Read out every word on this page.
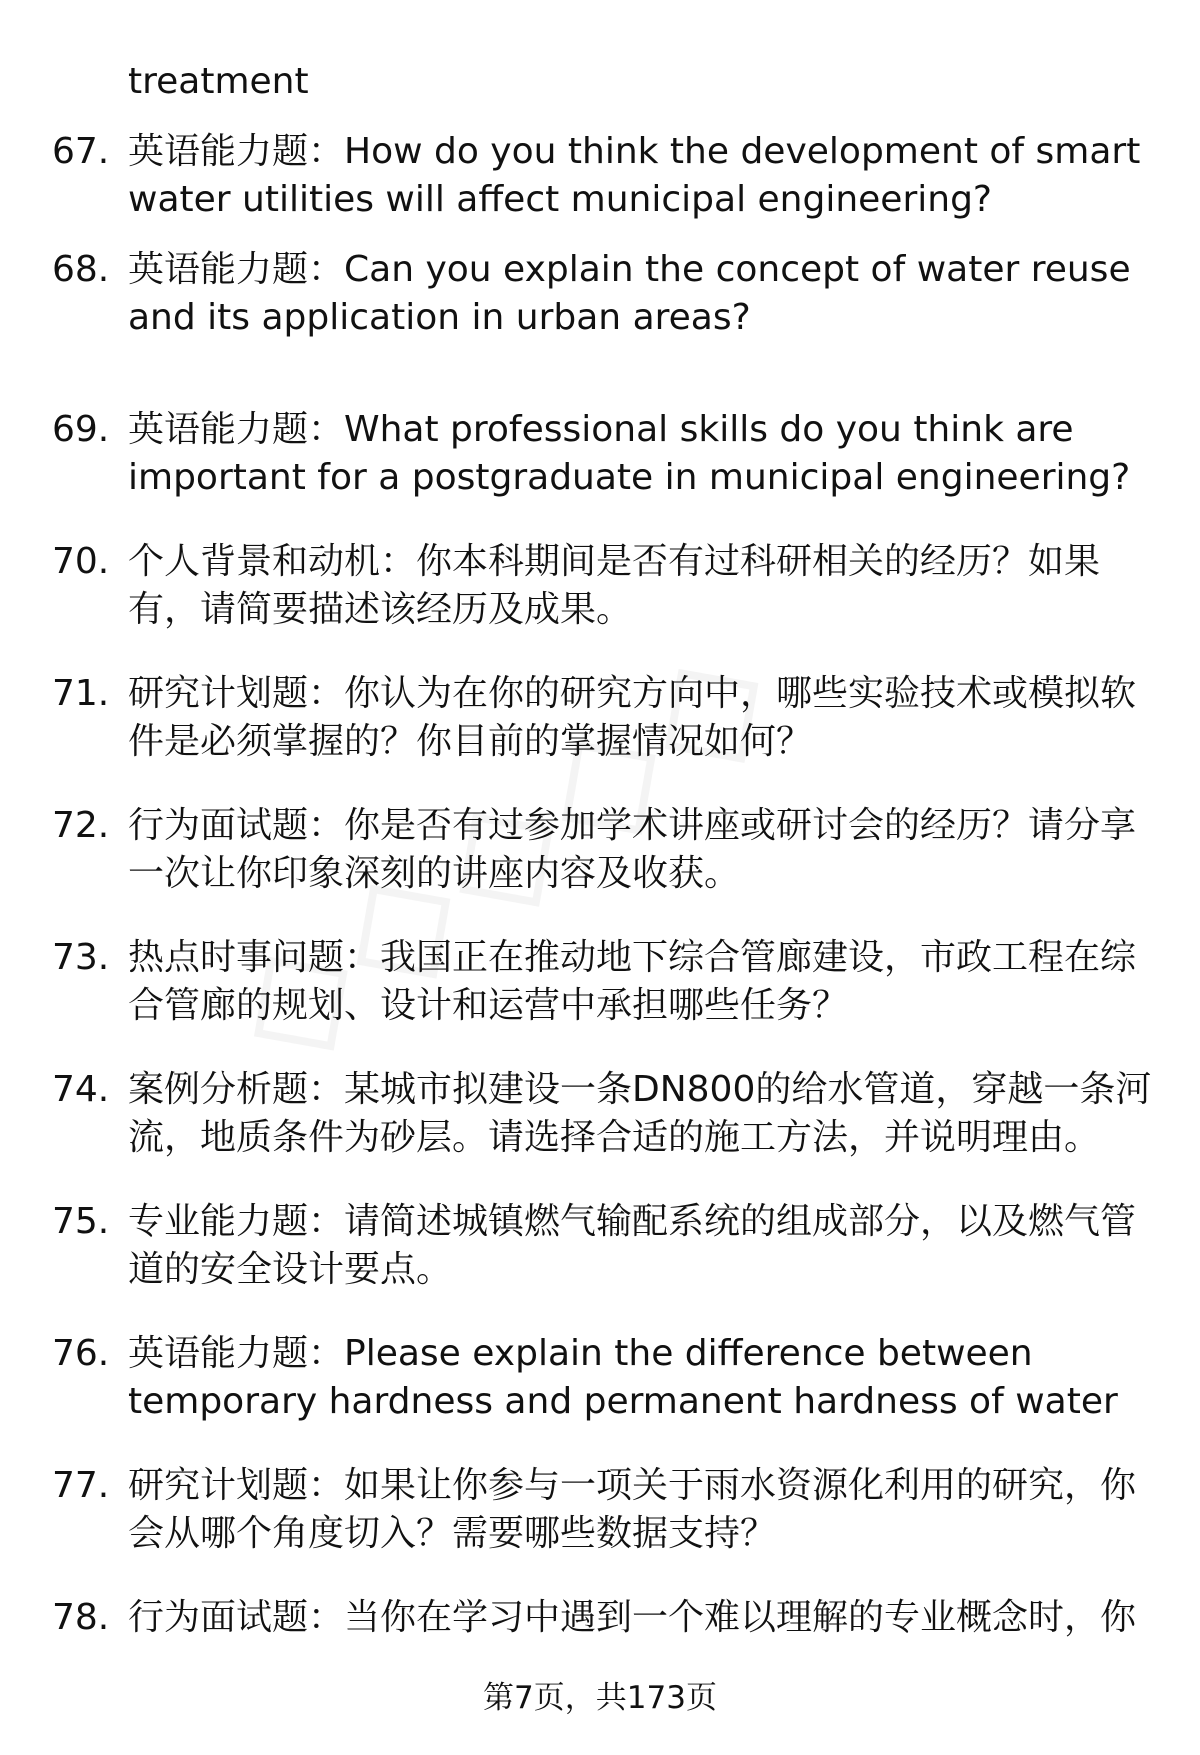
treatment
67. 英语能力题：How do you think the development of smart
water utilities will affect municipal engineering?
68. 英语能力题：Can you explain the concept of water reuse
and its application in urban areas?
69. 英语能力题：What professional skills do you think are
important for a postgraduate in municipal engineering?
70. 个人背景和动机：你本科期间是否有过科研相关的经历？如果
有，请简要描述该经历及成果。
71. 研究计划题：你认为在你的研究方向中，哪些实验技术或模拟软
件是必须掌握的？你目前的掌握情况如何？
72. 行为面试题：你是否有过参加学术讲座或研讨会的经历？请分享
一次让你印象深刻的讲座内容及收获。
73. 热点时事问题：我国正在推动地下综合管廊建设，市政工程在综
合管廊的规划、设计和运营中承担哪些任务？
74. 案例分析题：某城市拟建设一条DN800的给水管道，穿越一条河
流，地质条件为砂层。请选择合适的施工方法，并说明理由。
75. 专业能力题：请简述城镇燃气输配系统的组成部分，以及燃气管
道的安全设计要点。
76. 英语能力题：Please explain the difference between
temporary hardness and permanent hardness of water
77. 研究计划题：如果让你参与一项关于雨水资源化利用的研究，你
会从哪个角度切入？需要哪些数据支持？
78. 行为面试题：当你在学习中遇到一个难以理解的专业概念时，你
第7页，共173页
